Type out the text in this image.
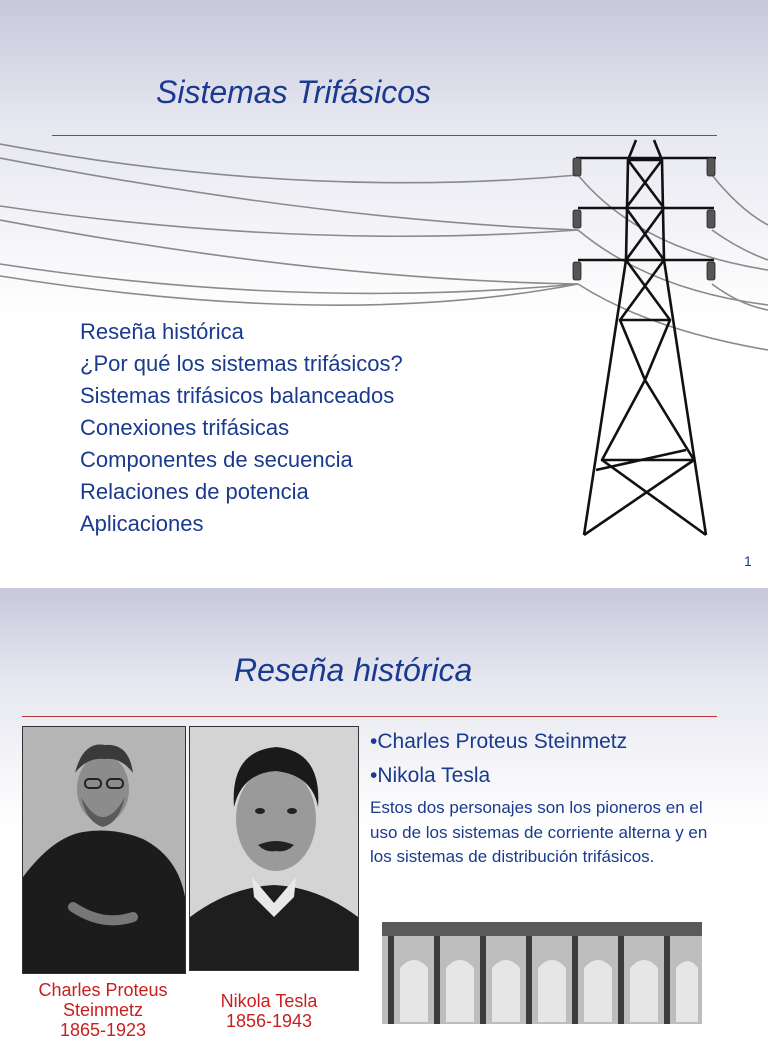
Sistemas Trifásicos
Reseña histórica
¿Por qué los sistemas trifásicos?
Sistemas trifásicos balanceados
Conexiones trifásicas
Componentes de secuencia
Relaciones de potencia
Aplicaciones
1
Reseña histórica
Charles Proteus Steinmetz
1865-1923
Nikola Tesla
1856-1943
•Charles Proteus Steinmetz
•Nikola Tesla

Estos dos personajes son los pioneros en el uso de los sistemas de corriente alterna y en los sistemas de distribución trifásicos.
